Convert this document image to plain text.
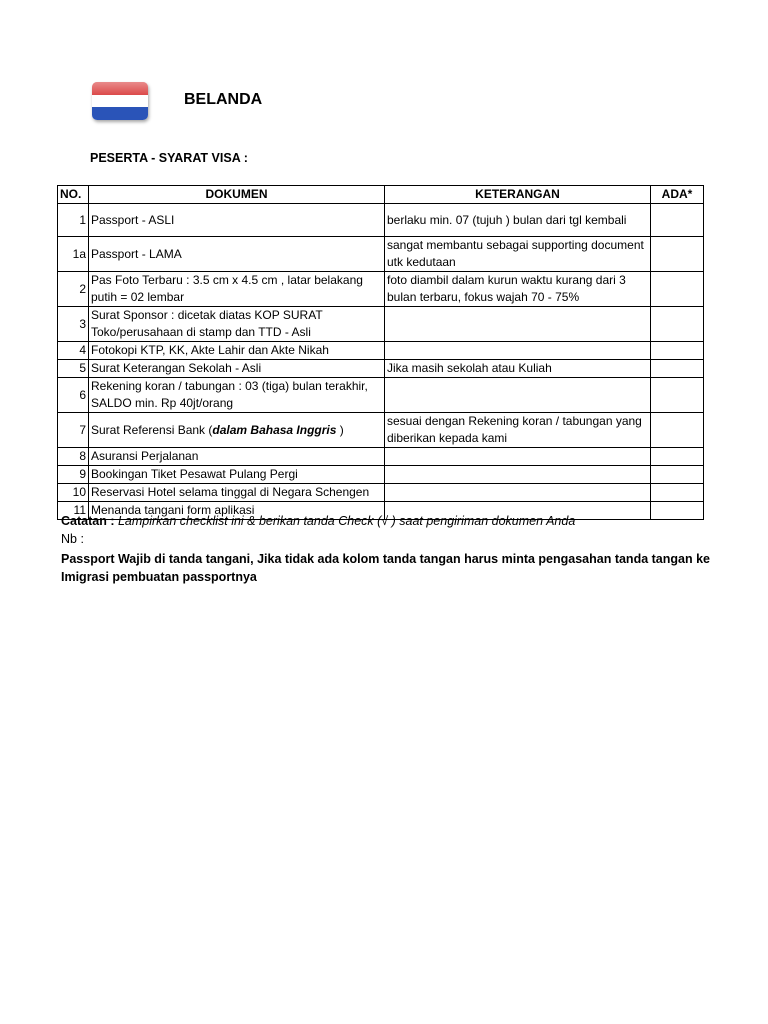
BELANDA
PESERTA - SYARAT VISA :
NO.	DOKUMEN	KETERANGAN	ADA*
1	Passport - ASLI	berlaku min. 07 (tujuh ) bulan dari tgl kembali	
1a	Passport - LAMA	sangat membantu sebagai supporting document utk kedutaan	
2	Pas Foto Terbaru : 3.5 cm x 4.5 cm , latar belakang putih = 02 lembar	foto diambil dalam kurun waktu kurang dari 3 bulan terbaru, fokus wajah 70 - 75%	
3	Surat Sponsor : dicetak diatas KOP SURAT Toko/perusahaan di stamp dan TTD - Asli		
4	Fotokopi KTP, KK, Akte Lahir dan Akte Nikah		
5	Surat Keterangan Sekolah - Asli	Jika masih sekolah atau Kuliah	
6	Rekening koran / tabungan : 03 (tiga) bulan terakhir, SALDO min. Rp 40jt/orang		
7	Surat Referensi Bank (dalam Bahasa Inggris )	sesuai dengan Rekening koran / tabungan yang diberikan kepada kami	
8	Asuransi Perjalanan		
9	Bookingan Tiket Pesawat Pulang Pergi		
10	Reservasi Hotel selama tinggal di Negara Schengen		
11	Menanda tangani form aplikasi		
Catatan : Lampirkan checklist ini & berikan tanda Check (√ ) saat pengiriman dokumen Anda
Nb :
Passport Wajib di tanda tangani, Jika tidak ada kolom tanda tangan harus minta pengasahan tanda tangan ke Imigrasi pembuatan passportnya
